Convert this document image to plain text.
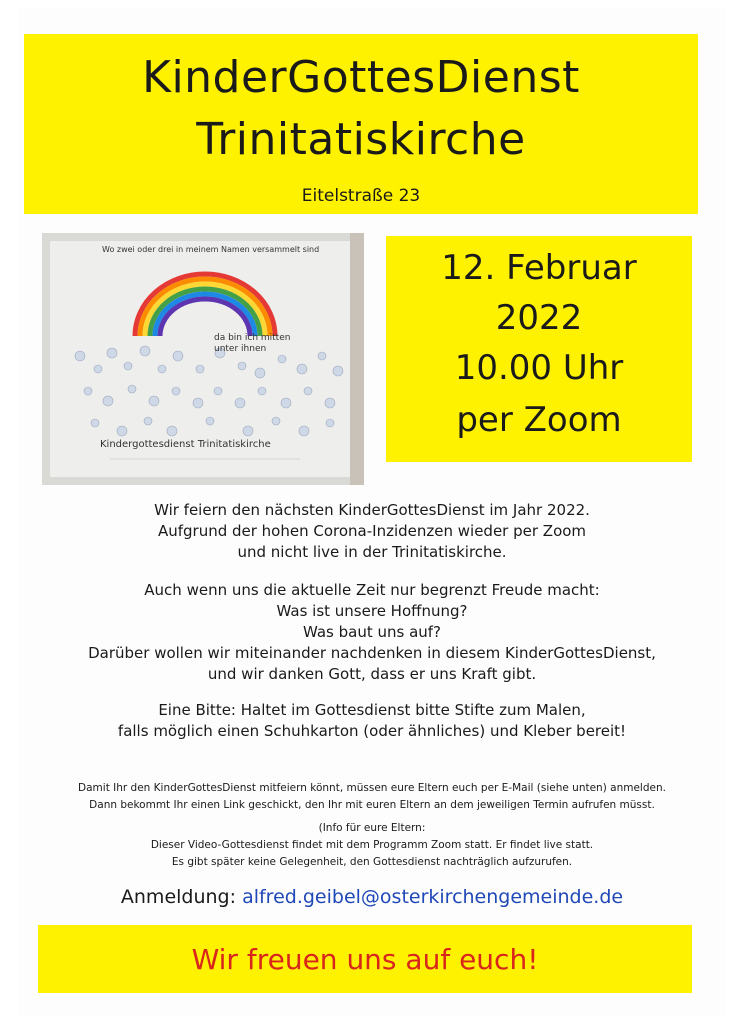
KinderGottesDienst
Trinitatiskirche
Eitelstraße 23
Wo zwei oder drei in meinem Namen versammelt sind
da bin ich mitten
unter ihnen
Kindergottesdienst Trinitatiskirche
12. Februar
2022
10.00 Uhr
per Zoom
Wir feiern den nächsten KinderGottesDienst im Jahr 2022.
Aufgrund der hohen Corona-Inzidenzen wieder per Zoom
und nicht live in der Trinitatiskirche.
Auch wenn uns die aktuelle Zeit nur begrenzt Freude macht:
Was ist unsere Hoffnung?
Was baut uns auf?
Darüber wollen wir miteinander nachdenken in diesem KinderGottesDienst,
und wir danken Gott, dass er uns Kraft gibt.
Eine Bitte: Haltet im Gottesdienst bitte Stifte zum Malen,
falls möglich einen Schuhkarton (oder ähnliches) und Kleber bereit!
Damit Ihr den KinderGottesDienst mitfeiern könnt, müssen eure Eltern euch per E-Mail (siehe unten) anmelden.
Dann bekommt Ihr einen Link geschickt, den Ihr mit euren Eltern an dem jeweiligen Termin aufrufen müsst.
(Info für eure Eltern:
Dieser Video-Gottesdienst findet mit dem Programm Zoom statt. Er findet live statt.
Es gibt später keine Gelegenheit, den Gottesdienst nachträglich aufzurufen.
Anmeldung: alfred.geibel@osterkirchengemeinde.de
Wir freuen uns auf euch!
